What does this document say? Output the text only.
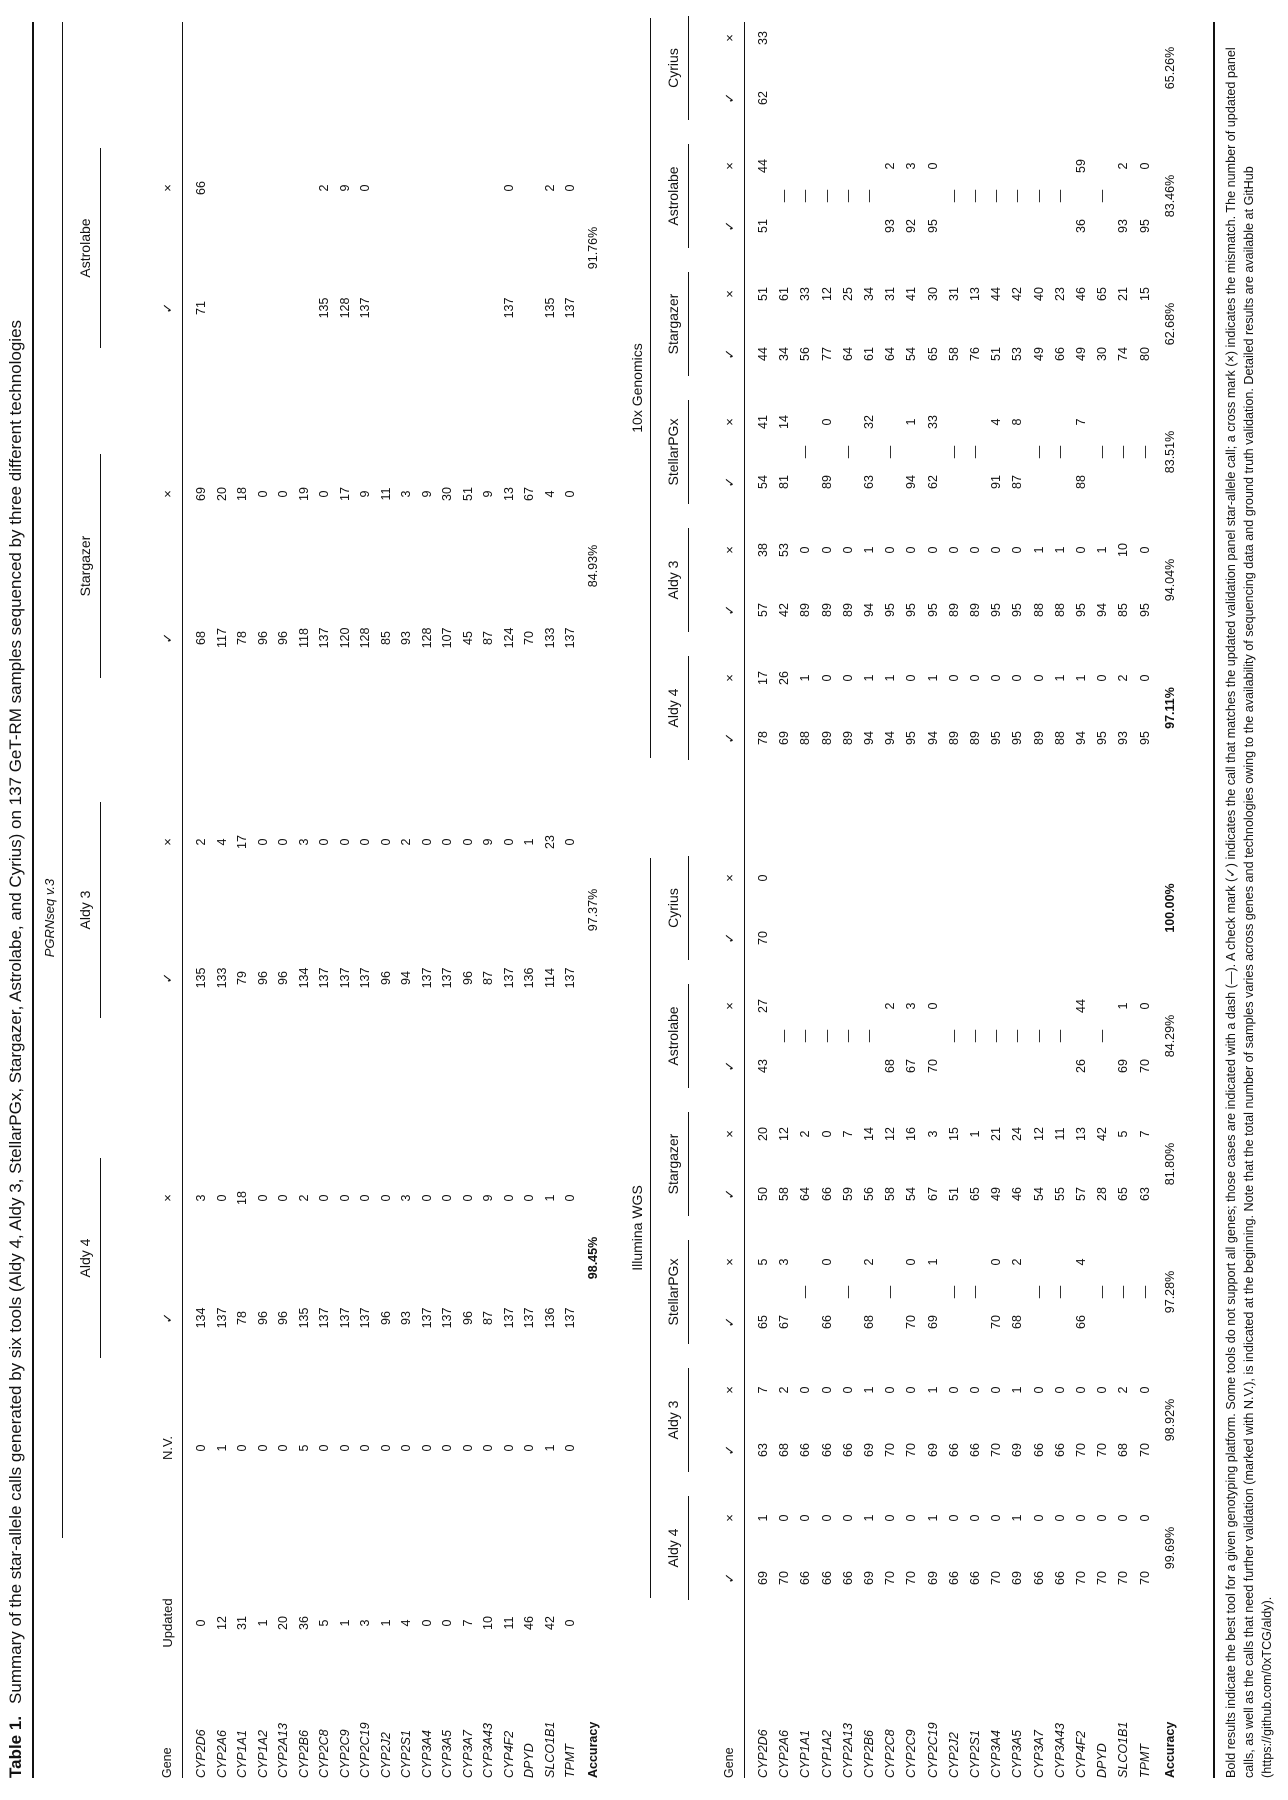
Table 1.Summary of the star-allele calls generated by six tools (Aldy 4, Aldy 3, StellarPGx, Stargazer, Astrolabe, and Cyrius) on 137 GeT-RM samples sequenced by three different technologies PGRNseq v.3
Aldy 4
Aldy 3
Stargazer
Astrolabe
Gene
Updated
N.V.
✓
×
✓
×
✓
×
✓
×
CYP2D6
0
0
134
3
135
2
68
69
71
66
CYP2A6
12
1
137
0
133
4
117
20
CYP1A1
31
0
78
18
79
17
78
18
CYP1A2
1
0
96
0
96
0
96
0
CYP2A13
20
0
96
0
96
0
96
0
CYP2B6
36
5
135
2
134
3
118
19
CYP2C8
5
0
137
0
137
0
137
0
135
2
CYP2C9
1
0
137
0
137
0
120
17
128
9
CYP2C19
3
0
137
0
137
0
128
9
137
0
CYP2J2
1
0
96
0
96
0
85
11
CYP2S1
4
0
93
3
94
2
93
3
CYP3A4
0
0
137
0
137
0
128
9
CYP3A5
0
0
137
0
137
0
107
30
CYP3A7
7
0
96
0
96
0
45
51
CYP3A43
10
0
87
9
87
9
87
9
CYP4F2
11
0
137
0
137
0
124
13
137
0
DPYD
46
0
137
0
136
1
70
67
SLCO1B1
42
1
136
1
114
23
133
4
135
2
TPMT
0
0
137
0
137
0
137
0
137
0
Accuracy
98.45%
97.37%
84.93%
91.76%
Illumina WGS
10x Genomics
Aldy 4
Aldy 4
Aldy 3
Aldy 3
StellarPGx
StellarPGx
Stargazer
Stargazer
Astrolabe
Astrolabe
Cyrius
Cyrius
Gene
✓
×
✓
×
✓
×
✓
×
✓
×
✓
×
✓
×
✓
×
✓
×
✓
×
✓
×
✓
×
CYP2D6
69
1
63
7
65
5
50
20
43
27
70
0
78
17
57
38
54
41
44
51
51
44
62
33
CYP2A6
70
0
68
2
67
3
58
12
—
69
26
42
53
81
14
34
61
—
CYP1A1
66
0
66
0
—
64
2
—
88
1
89
0
—
56
33
—
CYP1A2
66
0
66
0
66
0
66
0
—
89
0
89
0
89
0
77
12
—
CYP2A13
66
0
66
0
—
59
7
—
89
0
89
0
—
64
25
—
CYP2B6
69
1
69
1
68
2
56
14
—
94
1
94
1
63
32
61
34
—
CYP2C8
70
0
70
0
—
58
12
68
2
94
1
95
0
—
64
31
93
2
CYP2C9
70
0
70
0
70
0
54
16
67
3
95
0
95
0
94
1
54
41
92
3
CYP2C19
69
1
69
1
69
1
67
3
70
0
94
1
95
0
62
33
65
30
95
0
CYP2J2
66
0
66
0
—
51
15
—
89
0
89
0
—
58
31
—
CYP2S1
66
0
66
0
—
65
1
—
89
0
89
0
—
76
13
—
CYP3A4
70
0
70
0
70
0
49
21
—
95
0
95
0
91
4
51
44
—
CYP3A5
69
1
69
1
68
2
46
24
—
95
0
95
0
87
8
53
42
—
CYP3A7
66
0
66
0
—
54
12
—
89
0
88
1
—
49
40
—
CYP3A43
66
0
66
0
—
55
11
—
88
1
88
1
—
66
23
—
CYP4F2
70
0
70
0
66
4
57
13
26
44
94
1
95
0
88
7
49
46
36
59
DPYD
70
0
70
0
—
28
42
—
95
0
94
1
—
30
65
—
SLCO1B1
70
0
68
2
—
65
5
69
1
93
2
85
10
—
74
21
93
2
TPMT
70
0
70
0
—
63
7
70
0
95
0
95
0
—
80
15
95
0
Accuracy
99.69%
98.92%
97.28%
81.80%
84.29%
100.00%
97.11%
94.04%
83.51%
62.68%
83.46%
65.26%	Bold results indicate the best tool for a given genotyping platform. Some tools do not support all genes; those cases are indicated with a dash (—). A check mark (✓) indicates the call that matches the updated validation panel star-allele call; a cross mark (×) indicates the mismatch. The number of updated panel calls, as well as the calls that need further validation (marked with N.V.), is indicated at the beginning. Note that the total number of samples varies across genes and technologies owing to the availability of sequencing data and ground truth validation. Detailed results are available at GitHub (https://github.com/0xTCG/aldy).
